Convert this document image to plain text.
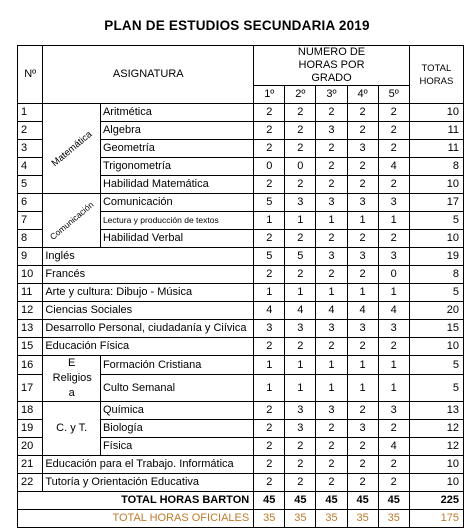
PLAN DE ESTUDIOS SECUNDARIA 2019
Nº	ASIGNATURA		NUMERO DE HORAS POR GRADO					TOTAL HORAS
			1º	2º	3º	4º	5º	
1	Matemática	Aritmética	2	2	2	2	2	10
2		Algebra	2	2	3	2	2	11
3		Geometría	2	2	2	3	2	11
4		Trigonometría	0	0	2	2	4	8
5		Habilidad Matemática	2	2	2	2	2	10
6	Comunicación	Comunicación	5	3	3	3	3	17
7		Lectura y producción de textos	1	1	1	1	1	5
8		Habilidad Verbal	2	2	2	2	2	10
9	Inglés		5	5	3	3	3	19
10	Francés		2	2	2	2	0	8
11	Arte y cultura: Dibujo - Música		1	1	1	1	1	5
12	Ciencias Sociales		4	4	4	4	4	20
13	Desarrollo Personal, ciudadanía y Ciívica		3	3	3	3	3	15
15	Educación Física		2	2	2	2	2	10
16	E Religios a	Formación Cristiana	1	1	1	1	1	5
17		Culto Semanal	1	1	1	1	1	5
18	C. y T.	Química	2	3	3	2	3	13
19		Biología	2	3	2	3	2	12
20		Física	2	2	2	2	4	12
21	Educación para el Trabajo. Informática		2	2	2	2	2	10
22	Tutoría y Orientación Educativa		2	2	2	2	2	10
TOTAL HORAS BARTON			45	45	45	45	45	225
TOTAL HORAS OFICIALES			35	35	35	35	35	175
